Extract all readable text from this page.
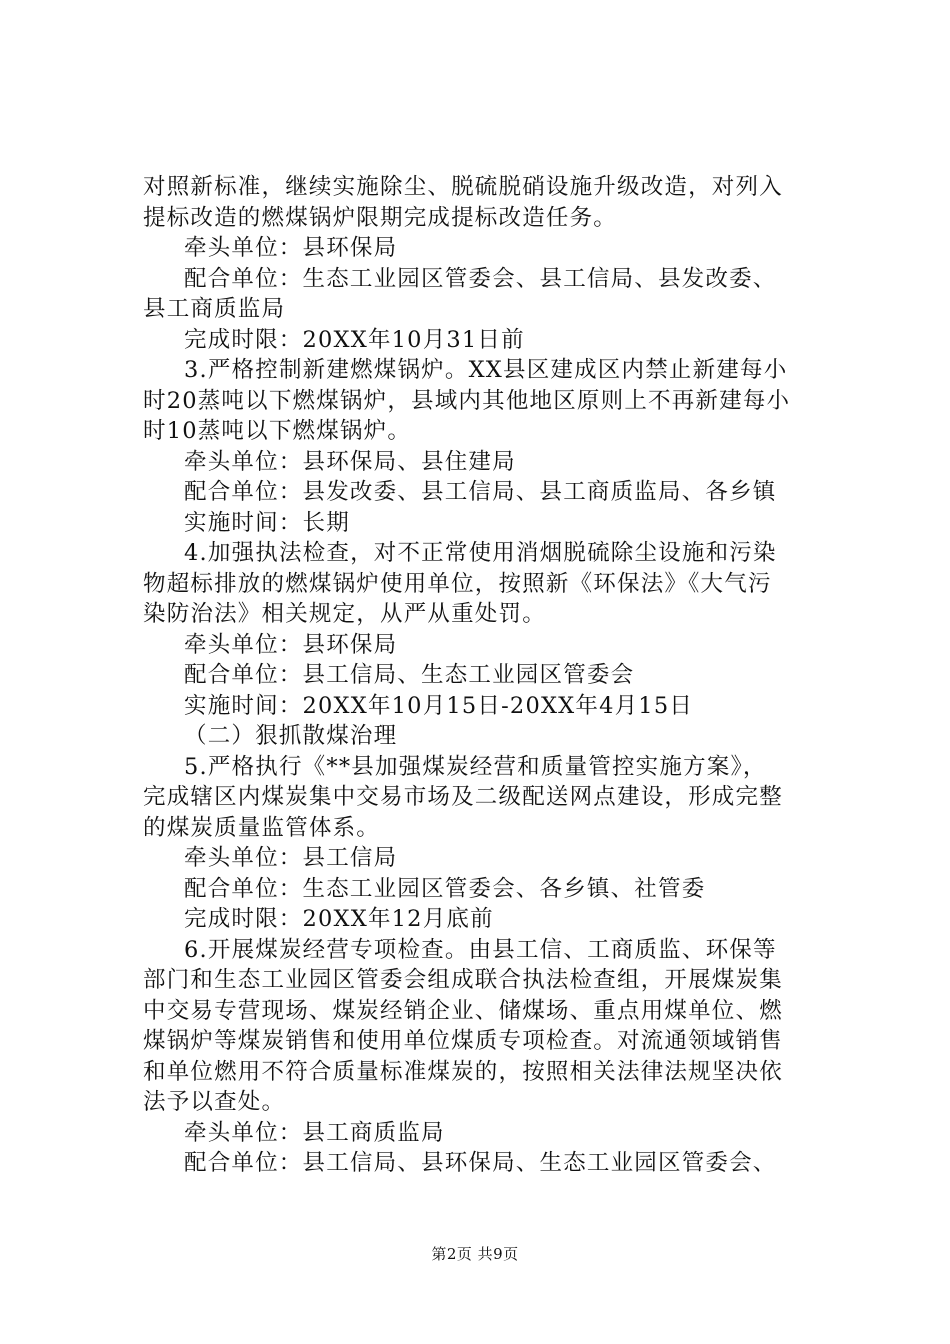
对照新标准，继续实施除尘、脱硫脱硝设施升级改造，对列入
提标改造的燃煤锅炉限期完成提标改造任务。
牵头单位：县环保局
配合单位：生态工业园区管委会、县工信局、县发改委、
县工商质监局
完成时限：20XX年10月31日前
3.严格控制新建燃煤锅炉。XX县区建成区内禁止新建每小
时20蒸吨以下燃煤锅炉，县域内其他地区原则上不再新建每小
时10蒸吨以下燃煤锅炉。
牵头单位：县环保局、县住建局
配合单位：县发改委、县工信局、县工商质监局、各乡镇
实施时间：长期
4.加强执法检查，对不正常使用消烟脱硫除尘设施和污染
物超标排放的燃煤锅炉使用单位，按照新《环保法》《大气污
染防治法》相关规定，从严从重处罚。
牵头单位：县环保局
配合单位：县工信局、生态工业园区管委会
实施时间：20XX年10月15日-20XX年4月15日
（二）狠抓散煤治理
5.严格执行《**县加强煤炭经营和质量管控实施方案》，
完成辖区内煤炭集中交易市场及二级配送网点建设，形成完整
的煤炭质量监管体系。
牵头单位：县工信局
配合单位：生态工业园区管委会、各乡镇、社管委
完成时限：20XX年12月底前
6.开展煤炭经营专项检查。由县工信、工商质监、环保等
部门和生态工业园区管委会组成联合执法检查组，开展煤炭集
中交易专营现场、煤炭经销企业、储煤场、重点用煤单位、燃
煤锅炉等煤炭销售和使用单位煤质专项检查。对流通领域销售
和单位燃用不符合质量标准煤炭的，按照相关法律法规坚决依
法予以查处。
牵头单位：县工商质监局
配合单位：县工信局、县环保局、生态工业园区管委会、
第2页 共9页
